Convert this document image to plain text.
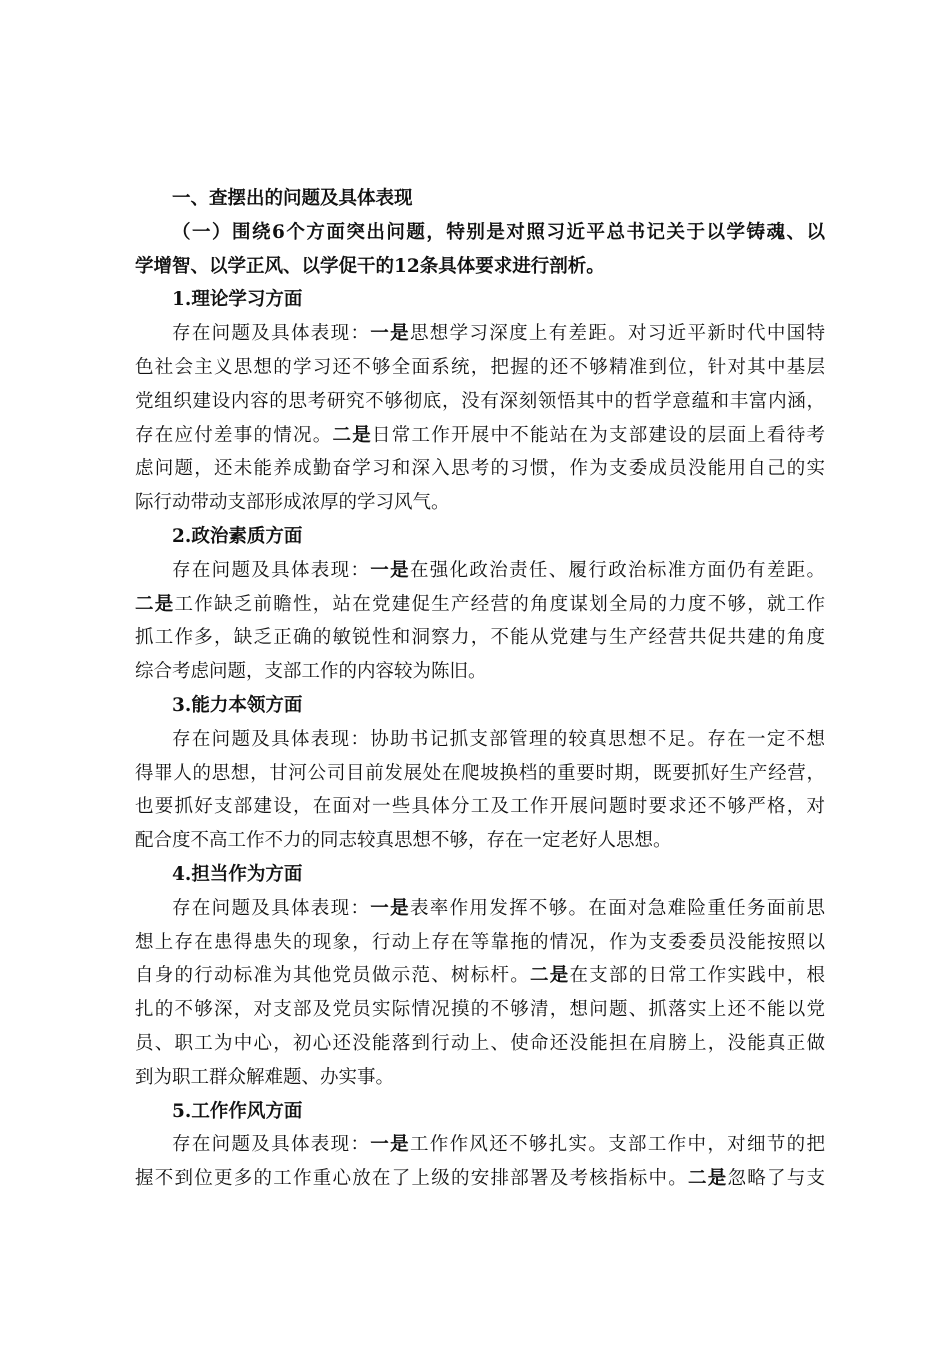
一、查摆出的问题及具体表现
（一）围绕6个方面突出问题，特别是对照习近平总书记关于以学铸魂、以
学增智、以学正风、以学促干的12条具体要求进行剖析。
1.理论学习方面
存在问题及具体表现：一是思想学习深度上有差距。对习近平新时代中国特
色社会主义思想的学习还不够全面系统，把握的还不够精准到位，针对其中基层
党组织建设内容的思考研究不够彻底，没有深刻领悟其中的哲学意蕴和丰富内涵，
存在应付差事的情况。二是日常工作开展中不能站在为支部建设的层面上看待考
虑问题，还未能养成勤奋学习和深入思考的习惯，作为支委成员没能用自己的实
际行动带动支部形成浓厚的学习风气。
2.政治素质方面
存在问题及具体表现：一是在强化政治责任、履行政治标准方面仍有差距。
二是工作缺乏前瞻性，站在党建促生产经营的角度谋划全局的力度不够，就工作
抓工作多，缺乏正确的敏锐性和洞察力，不能从党建与生产经营共促共建的角度
综合考虑问题，支部工作的内容较为陈旧。
3.能力本领方面
存在问题及具体表现：协助书记抓支部管理的较真思想不足。存在一定不想
得罪人的思想，甘河公司目前发展处在爬坡换档的重要时期，既要抓好生产经营，
也要抓好支部建设，在面对一些具体分工及工作开展问题时要求还不够严格，对
配合度不高工作不力的同志较真思想不够，存在一定老好人思想。
4.担当作为方面
存在问题及具体表现：一是表率作用发挥不够。在面对急难险重任务面前思
想上存在患得患失的现象，行动上存在等靠拖的情况，作为支委委员没能按照以
自身的行动标准为其他党员做示范、树标杆。二是在支部的日常工作实践中，根
扎的不够深，对支部及党员实际情况摸的不够清，想问题、抓落实上还不能以党
员、职工为中心，初心还没能落到行动上、使命还没能担在肩膀上，没能真正做
到为职工群众解难题、办实事。
5.工作作风方面
存在问题及具体表现：一是工作作风还不够扎实。支部工作中，对细节的把
握不到位更多的工作重心放在了上级的安排部署及考核指标中。二是忽略了与支
